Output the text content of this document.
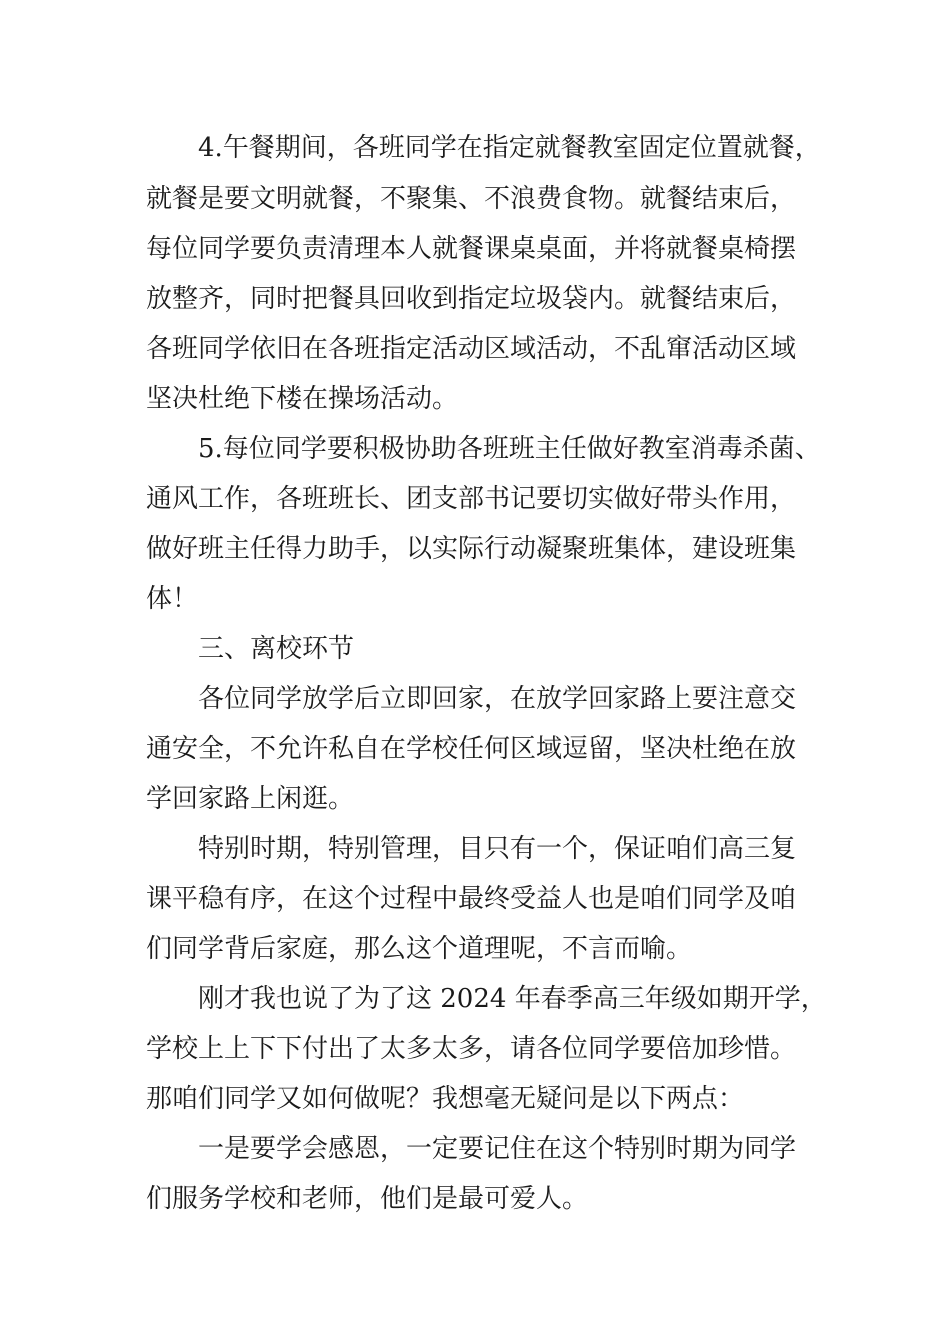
4.午餐期间，各班同学在指定就餐教室固定位置就餐，
就餐是要文明就餐，不聚集、不浪费食物。就餐结束后，
每位同学要负责清理本人就餐课桌桌面，并将就餐桌椅摆
放整齐，同时把餐具回收到指定垃圾袋内。就餐结束后，
各班同学依旧在各班指定活动区域活动，不乱窜活动区域
坚决杜绝下楼在操场活动。
5.每位同学要积极协助各班班主任做好教室消毒杀菌、
通风工作，各班班长、团支部书记要切实做好带头作用，
做好班主任得力助手，以实际行动凝聚班集体，建设班集
体！
三、离校环节
各位同学放学后立即回家，在放学回家路上要注意交
通安全，不允许私自在学校任何区域逗留，坚决杜绝在放
学回家路上闲逛。
特别时期，特别管理，目只有一个，保证咱们高三复
课平稳有序，在这个过程中最终受益人也是咱们同学及咱
们同学背后家庭，那么这个道理呢，不言而喻。
刚才我也说了为了这 2024 年春季高三年级如期开学，
学校上上下下付出了太多太多，请各位同学要倍加珍惜。
那咱们同学又如何做呢？我想毫无疑问是以下两点：
一是要学会感恩，一定要记住在这个特别时期为同学
们服务学校和老师，他们是最可爱人。
